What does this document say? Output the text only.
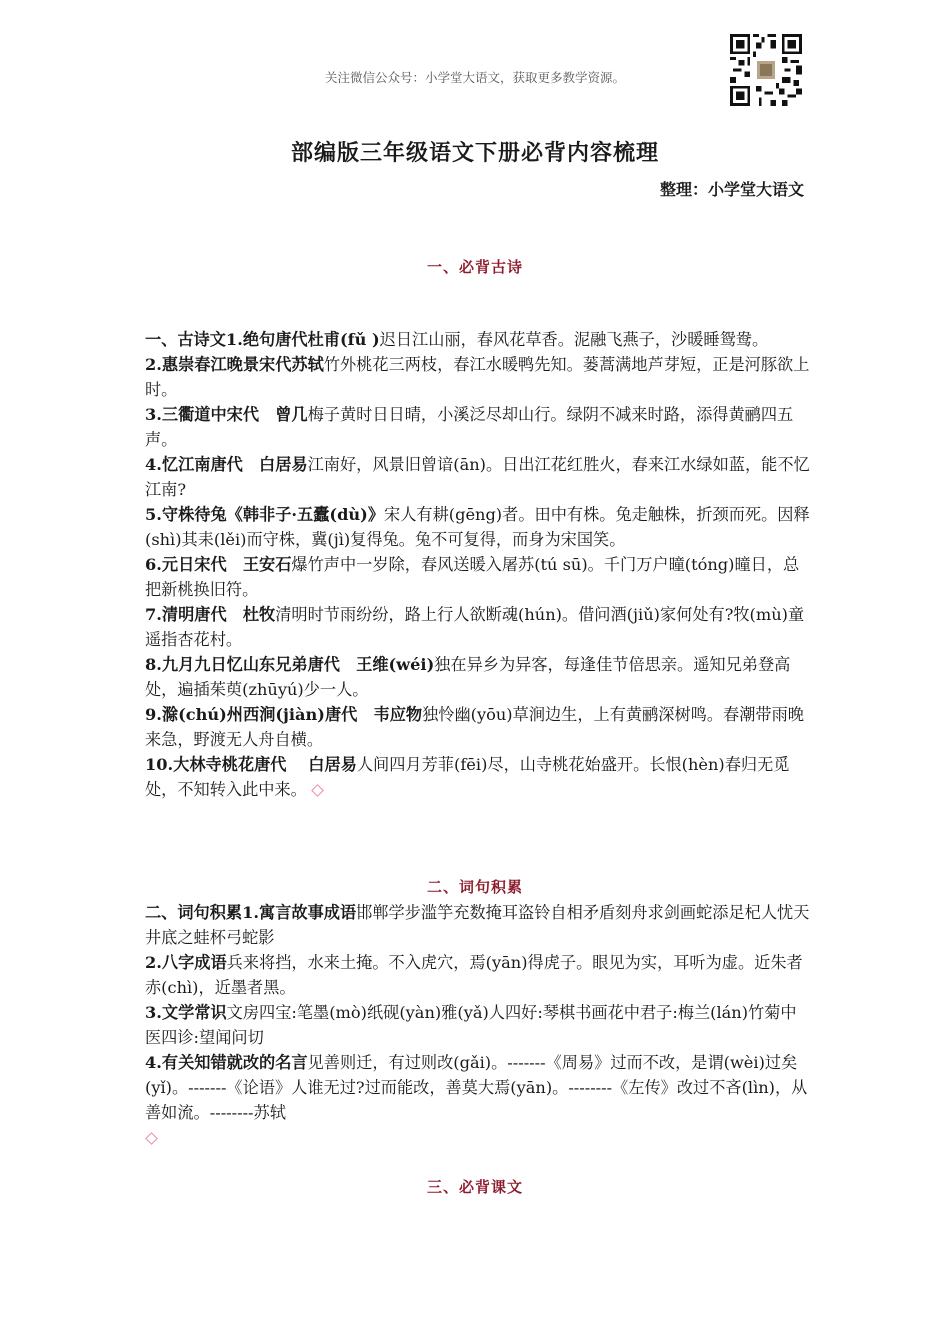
关注微信公众号：小学堂大语文，获取更多教学资源。
部编版三年级语文下册必背内容梳理
整理：小学堂大语文
一、必背古诗

一、古诗文1.绝句唐代杜甫(fǔ )迟日江山丽，春风花草香。泥融飞燕子，沙暖睡鸳鸯。

2.惠崇春江晚景宋代苏轼竹外桃花三两枝，春江水暖鸭先知。蒌蒿满地芦芽短，正是河豚欲上时。

3.三衢道中宋代　曾几梅子黄时日日晴，小溪泛尽却山行。绿阴不减来时路，添得黄鹂四五声。

4.忆江南唐代　白居易江南好，风景旧曾谙(ān)。日出江花红胜火，春来江水绿如蓝，能不忆江南?

5.守株待兔《韩非子·五蠹(dù)》宋人有耕(gēng)者。田中有株。兔走触株，折颈而死。因释(shì)其耒(lěi)而守株，冀(jì)复得兔。兔不可复得，而身为宋国笑。

6.元日宋代　王安石爆竹声中一岁除，春风送暖入屠苏(tú sū)。千门万户曈(tóng)曈日，总把新桃换旧符。

7.清明唐代　杜牧清明时节雨纷纷，路上行人欲断魂(hún)。借问酒(jiǔ)家何处有?牧(mù)童遥指杏花村。

8.九月九日忆山东兄弟唐代　王维(wéi)独在异乡为异客，每逢佳节倍思亲。遥知兄弟登高处，遍插茱萸(zhūyú)少一人。

9.滁(chú)州西涧(jiàn)唐代　韦应物独怜幽(yōu)草涧边生，上有黄鹂深树鸣。春潮带雨晚来急，野渡无人舟自横。

10.大林寺桃花唐代　 白居易人间四月芳菲(fēi)尽，山寺桃花始盛开。长恨(hèn)春归无觅处，不知转入此中来。

二、词句积累

二、词句积累1.寓言故事成语邯郸学步滥竽充数掩耳盗铃自相矛盾刻舟求剑画蛇添足杞人忧天井底之蛙杯弓蛇影

2.八字成语兵来将挡，水来土掩。不入虎穴，焉(yān)得虎子。眼见为实，耳听为虚。近朱者赤(chì)，近墨者黑。

3.文学常识文房四宝:笔墨(mò)纸砚(yàn)雅(yǎ)人四好:琴棋书画花中君子:梅兰(lán)竹菊中医四诊:望闻问切

4.有关知错就改的名言见善则迁，有过则改(gǎi)。-------《周易》过而不改，是谓(wèi)过矣(yǐ)。-------《论语》人谁无过?过而能改，善莫大焉(yān)。--------《左传》改过不吝(lìn)，从善如流。--------苏轼

三、必背课文
